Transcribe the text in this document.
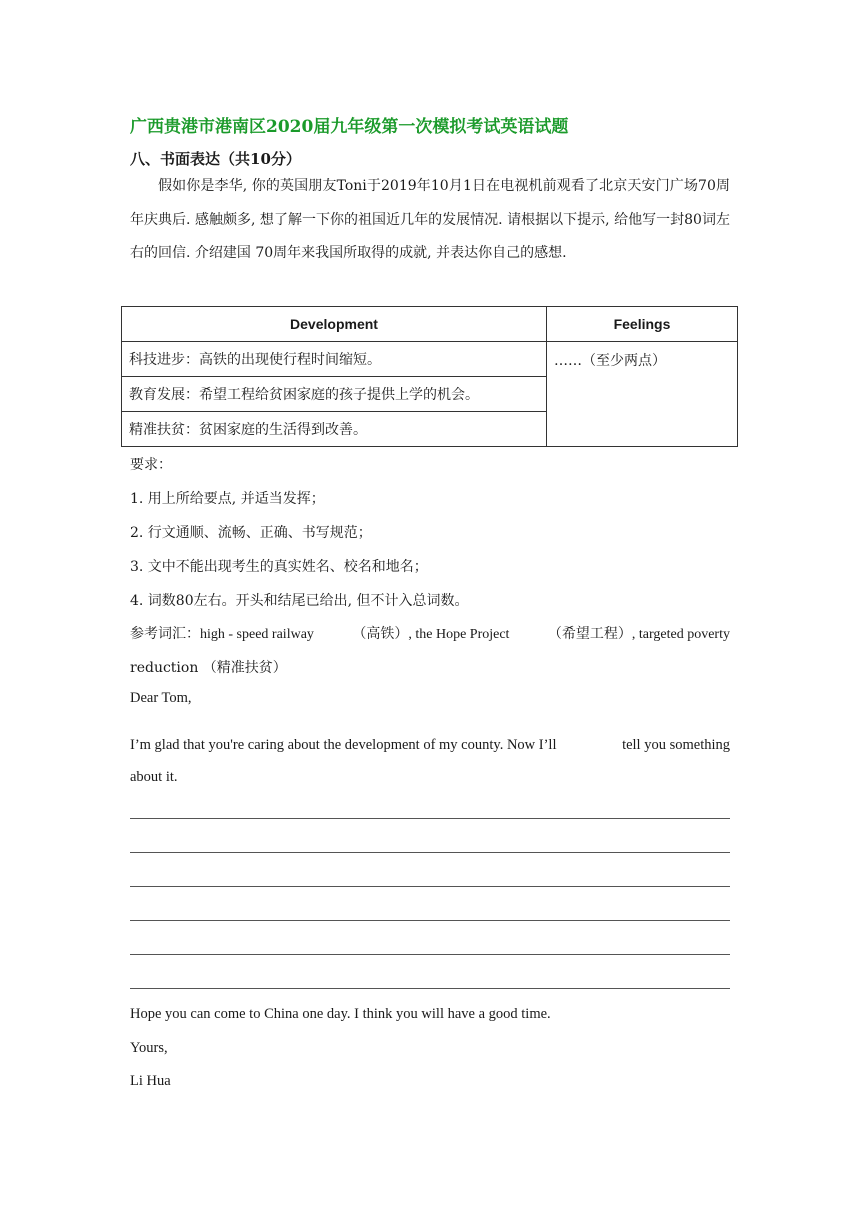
广西贵港市港南区2020届九年级第一次模拟考试英语试题
八、书面表达（共10分）
假如你是李华, 你的英国朋友Toni于2019年10月1日在电视机前观看了北京天安门广场70周年庆典后. 感触颇多, 想了解一下你的祖国近几年的发展情况. 请根据以下提示, 给他写一封80词左右的回信. 介绍建国 70周年来我国所取得的成就, 并表达你自己的感想.
Development	Feelings
科技进步：高铁的出现使行程时间缩短。	……（至少两点）
教育发展：希望工程给贫困家庭的孩子提供上学的机会。	
精准扶贫：贫困家庭的生活得到改善。	
要求：
1. 用上所给要点, 并适当发挥；
2. 行文通顺、流畅、正确、书写规范；
3. 文中不能出现考生的真实姓名、校名和地名；
4. 词数80左右。开头和结尾已给出, 但不计入总词数。
参考词汇：high - speed railway	（高铁）, the Hope Project	（希望工程）, targeted poverty
reduction （精准扶贫）
Dear Tom,
I’m glad that you're caring about the development of my county. Now I’ll	tell you something
about it.
Hope you can come to China one day. I think you will have a good time.
Yours,
Li Hua
